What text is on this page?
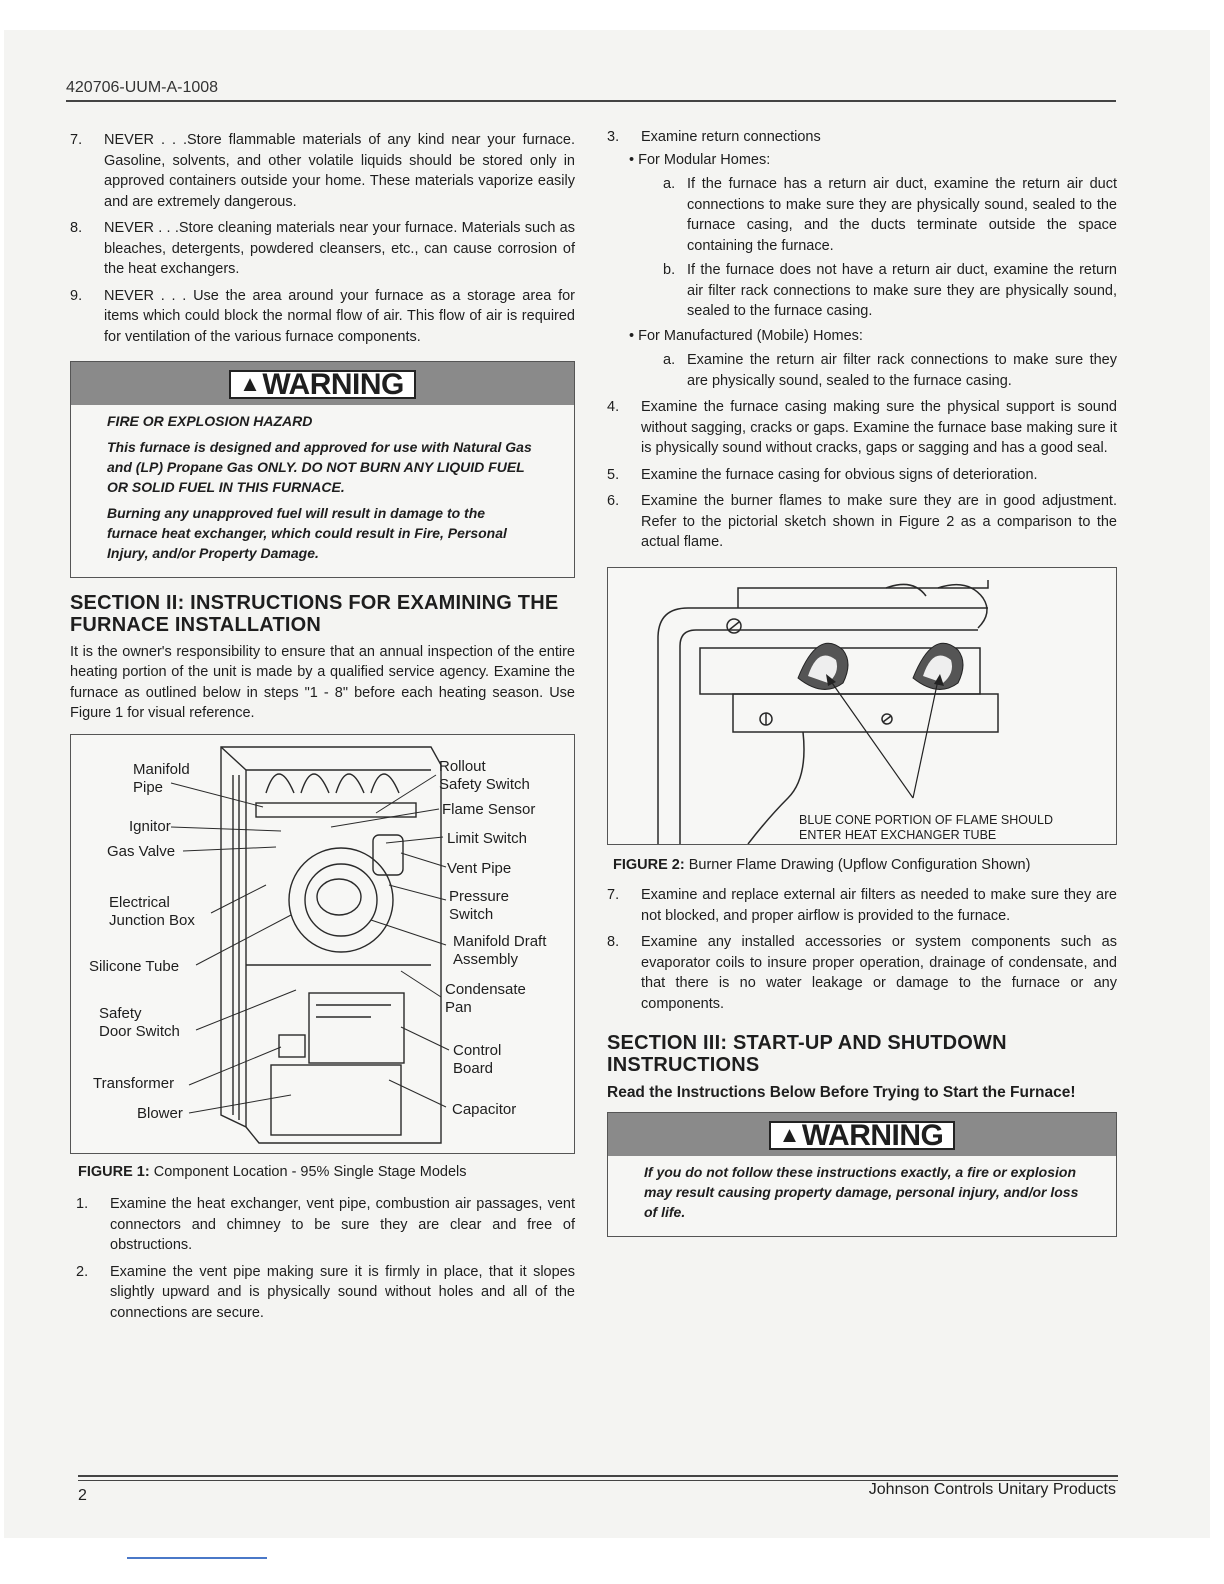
420706-UUM-A-1008
7.	NEVER . . .Store flammable materials of any kind near your furnace. Gasoline, solvents, and other volatile liquids should be stored only in approved containers outside your home. These materials vaporize easily and are extremely dangerous.
8.	NEVER . . .Store cleaning materials near your furnace. Materials such as bleaches, detergents, powdered cleansers, etc., can cause corrosion of the heat exchangers.
9.	NEVER . . . Use the area around your furnace as a storage area for items which could block the normal flow of air. This flow of air is required for ventilation of the various furnace components.
▲WARNING

FIRE OR EXPLOSION HAZARD

This furnace is designed and approved for use with Natural Gas and (LP) Propane Gas ONLY. DO NOT BURN ANY LIQUID FUEL OR SOLID FUEL IN THIS FURNACE.

Burning any unapproved fuel will result in damage to the furnace heat exchanger, which could result in Fire, Personal Injury, and/or Property Damage.

SECTION II: INSTRUCTIONS FOR EXAMINING THE FURNACE INSTALLATION

It is the owner's responsibility to ensure that an annual inspection of the entire heating portion of the unit is made by a qualified service agency. Examine the furnace as outlined below in steps "1 - 8" before each heating season. Use Figure 1 for visual reference.

Manifold
Pipe
Ignitor
Gas Valve
Electrical
Junction Box
Silicone Tube
Safety
Door Switch
Transformer
Blower
Rollout
Safety Switch
Flame Sensor
Limit Switch
Vent Pipe
Pressure
Switch
Manifold Draft
Assembly
Condensate
Pan
Control
Board
Capacitor
FIGURE 1: Component Location - 95% Single Stage Models
1.	Examine the heat exchanger, vent pipe, combustion air passages, vent connectors and chimney to be sure they are clear and free of obstructions.
2.	Examine the vent pipe making sure it is firmly in place, that it slopes slightly upward and is physically sound without holes and all of the connections are secure.
3.	Examine return connections
• For Modular Homes:
a. If the furnace has a return air duct, examine the return air duct connections to make sure they are physically sound, sealed to the furnace casing, and the ducts terminate outside the space containing the furnace.
b. If the furnace does not have a return air duct, examine the return air filter rack connections to make sure they are physically sound, sealed to the furnace casing.
• For Manufactured (Mobile) Homes:
a. Examine the return air filter rack connections to make sure they are physically sound, sealed to the furnace casing.
4.	Examine the furnace casing making sure the physical support is sound without sagging, cracks or gaps. Examine the furnace base making sure it is physically sound without cracks, gaps or sagging and has a good seal.
5.	Examine the furnace casing for obvious signs of deterioration.
6.	Examine the burner flames to make sure they are in good adjustment. Refer to the pictorial sketch shown in Figure 2 as a comparison to the actual flame.
BLUE CONE PORTION OF FLAME SHOULD
ENTER HEAT EXCHANGER TUBE
FIGURE 2: Burner Flame Drawing (Upflow Configuration Shown)
7.	Examine and replace external air filters as needed to make sure they are not blocked, and proper airflow is provided to the furnace.
8.	Examine any installed accessories or system components such as evaporator coils to insure proper operation, drainage of condensate, and that there is no water leakage or damage to the furnace or any components.
SECTION III: START-UP AND SHUTDOWN INSTRUCTIONS
Read the Instructions Below Before Trying to Start the Furnace!
▲WARNING

If you do not follow these instructions exactly, a fire or explosion may result causing property damage, personal injury, and/or loss of life.

2	Johnson Controls Unitary Products
